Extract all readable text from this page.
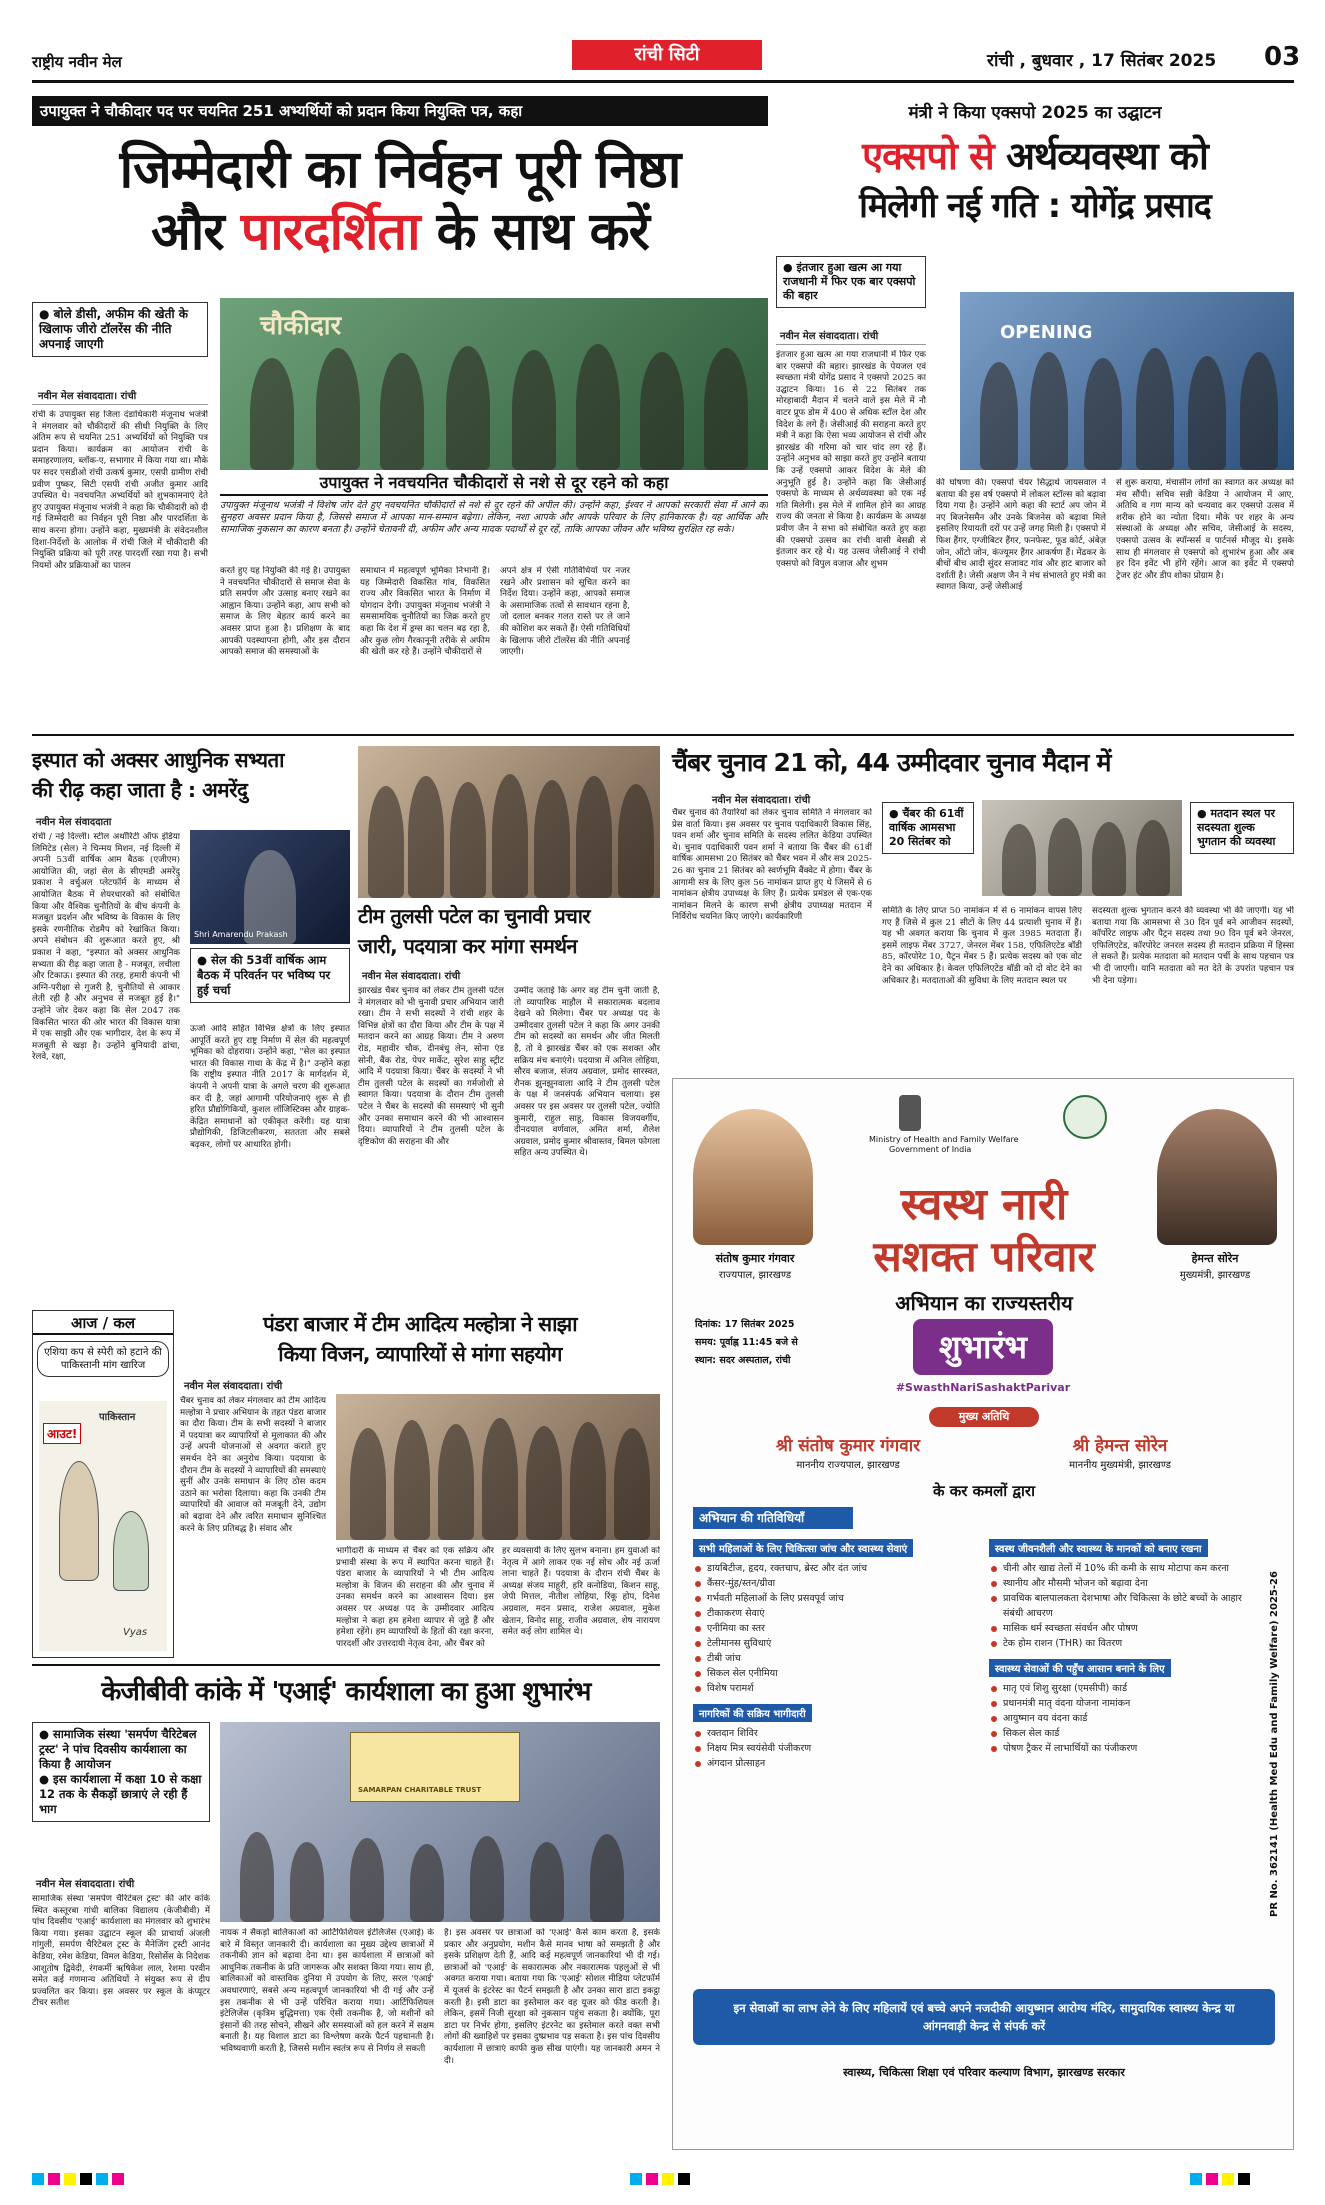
राष्ट्रीय नवीन मेल	रांची सिटी	रांची , बुधवार , 17 सितंबर 2025 03
उपायुक्त ने चौकीदार पद पर चयनित 251 अभ्यर्थियों को प्रदान किया नियुक्ति पत्र, कहा
जिम्मेदारी का निर्वहन पूरी निष्ठा
और पारदर्शिता के साथ करें
● बोले डीसी, अफीम की खेती के खिलाफ जीरो टॉलरेंस की नीति अपनाई जाएगी
नवीन मेल संवाददाता। रांची
रांची के उपायुक्त सह जिला दंडाधिकारी मंजूनाथ भजंत्री ने मंगलवार को चौकीदारों की सीधी नियुक्ति के लिए अंतिम रूप से चयनित 251 अभ्यर्थियों को नियुक्ति पत्र प्रदान किया। कार्यक्रम का आयोजन रांची के समाहरणालय, ब्लॉक-ए, सभागार में किया गया था। मौके पर सदर एसडीओ रांची उत्कर्ष कुमार, एसपी ग्रामीण रांची प्रवीण पुष्कर, सिटी एसपी रांची अजीत कुमार आदि उपस्थित थे। नवचयनित अभ्यर्थियों को शुभकामनाएं देते हुए उपायुक्त मंजूनाथ भजंत्री ने कहा कि चौकीदारी को दी गई जिम्मेदारी का निर्वहन पूरी निष्ठा और पारदर्शिता के साथ करना होगा। उन्होंने कहा, मुख्यमंत्री के संवेदनशील दिशा-निर्देशों के आलोक में रांची जिले में चौकीदारी की नियुक्ति प्रक्रिया को पूरी तरह पारदर्शी रखा गया है। सभी नियमों और प्रक्रियाओं का पालन
चौकीदार
उपायुक्त ने नवचयनित चौकीदारों से नशे से दूर रहने को कहा
उपायुक्त मंजूनाथ भजंत्री ने विशेष जोर देते हुए नवचयनित चौकीदारों से नशे से दूर रहने की अपील की। उन्होंने कहा, ईश्वर ने आपको सरकारी सेवा में आने का सुनहरा अवसर प्रदान किया है, जिससे समाज में आपका मान-सम्मान बढ़ेगा। लेकिन, नशा आपके और आपके परिवार के लिए हानिकारक है। यह आर्थिक और सामाजिक नुकसान का कारण बनता है। उन्होंने चेतावनी दी, अफीम और अन्य मादक पदार्थों से दूर रहें, ताकि आपका जीवन और भविष्य सुरक्षित रह सके।
करते हुए यह नियुक्ति की गई है। उपायुक्त ने नवचयनित चौकीदारों से समाज सेवा के प्रति समर्पण और उत्साह बनाए रखने का आह्वान किया। उन्होंने कहा, आप सभी को समाज के लिए बेहतर कार्य करने का अवसर प्राप्त हुआ है। प्रशिक्षण के बाद आपकी पदस्थापना होगी, और इस दौरान आपको समाज की समस्याओं के
समाधान में महत्वपूर्ण भूमिका निभानी है। यह जिम्मेदारी विकसित गांव, विकसित राज्य और विकसित भारत के निर्माण में योगदान देगी। उपायुक्त मंजूनाथ भजंत्री ने समसामयिक चुनौतियों का जिक्र करते हुए कहा कि देश में ड्रग्स का चलन बढ़ रहा है, और कुछ लोग गैरकानूनी तरीके से अफीम की खेती कर रहे हैं। उन्होंने चौकीदारों से
अपने क्षेत्र में ऐसी गतिविधियों पर नजर रखने और प्रशासन को सूचित करने का निर्देश दिया। उन्होंने कहा, आपको समाज के असामाजिक तत्वों से सावधान रहना है, जो दलाल बनकर गलत रास्ते पर ले जाने की कोशिश कर सकते हैं। ऐसी गतिविधियों के खिलाफ जीरो टॉलरेंस की नीति अपनाई जाएगी।
मंत्री ने किया एक्सपो 2025 का उद्घाटन
एक्सपो से अर्थव्यवस्था को
मिलेगी नई गति : योगेंद्र प्रसाद
● इंतजार हुआ खत्म आ गया राजधानी में फिर एक बार एक्सपो की बहार
नवीन मेल संवाददाता। रांची	OPENING
इंतजार हुआ खत्म आ गया राजधानी में फिर एक बार एक्सपो की बहार। झारखंड के पेयजल एवं स्वच्छता मंत्री योगेंद्र प्रसाद ने एक्सपो 2025 का उद्घाटन किया। 16 से 22 सितंबर तक मोरहाबादी मैदान में चलने वाले इस मेले में नौ वाटर प्रूफ डोम में 400 से अधिक स्टॉल देश और विदेश के लगे हैं। जेसीआई की सराहना करते हुए मंत्री ने कहा कि ऐसा भव्य आयोजन से रांची और झारखंड की गरिमा को चार चांद लग रहे हैं। उन्होंने अनुभव को साझा करते हुए उन्होंने बताया कि उन्हें एक्सपो आकर विदेश के मेले की अनुभूति हुई है। उन्होंने कहा कि जेसीआई एक्सपो के माध्यम से अर्थव्यवस्था को एक नई गति मिलेगी। इस मेले में शामिल होने का आग्रह राज्य की जनता से किया है। कार्यक्रम के अध्यक्ष प्रवीण जैन ने सभा को संबोधित करते हुए कहा की एक्सपो उत्सव का रांची वासी बेसब्री से इंतजार कर रहे थे। यह उत्सव जेसीआई ने रांची एक्सपो को विपुल वजाज और शुभम
की घोषणा की। एक्सपो चेयर सिद्धार्थ जायसवाल ने बताया की इस वर्ष एक्सपो में लोकल स्टॉल्स को बढ़ावा दिया गया है। उन्होंने आगे कहा की स्टार्ट अप जोन में नए बिजनेसमैन और उनके बिजनेस को बढ़ावा मिले इसलिए रियायती दरों पर उन्हें जगह मिली है। एक्सपो में फिश हैंगर, एग्जीबिटर हैंगर, फनफेस्ट, फूड कोर्ट, अंबेज़ जोन, ऑटो जोन, कंज्यूमर हैंगर आकर्षण हैं। मेंढकर के बीचों बीच आदी सुंदर सजावट गांव और हाट बाजार को दर्शाती है। जेसी अक्षण जैन ने मंच संभालते हुए मंत्री का स्वागत किया, उन्हें जेसीआई
से शुरू कराया, मंचासीन लोगों का स्वागत कर अध्यक्ष को मंच सौंपी। सचिव सन्नी केडिया ने आयोजन में आए, अतिथि व गण मान्य को धन्यवाद कर एक्सपो उत्सव में शरीक होने का न्योता दिया। मौके पर शहर के अन्य संस्थाओं के अध्यक्ष और सचिव, जेसीआई के सदस्य, एक्सपो उत्सव के स्पॉन्सर्स व पार्टनर्स मौजूद थे। इसके साथ ही मंगलवार से एक्सपो को शुभारंभ हुआ और अब हर दिन इवेंट भी होंगे रहेंगे। आज का इवेंट में एक्सपो ट्रेजर हंट और डीप शोका प्रोग्राम है।
इस्पात को अक्सर आधुनिक सभ्यता
की रीढ़ कहा जाता है : अमरेंदु
नवीन मेल संवाददाता
रांची / नई दिल्ली। स्टील अथॉरिटी ऑफ इंडिया लिमिटेड (सेल) ने चिन्मय मिशन, नई दिल्ली में अपनी 53वीं वार्षिक आम बैठक (एजीएम) आयोजित की, जहां सेल के सीएमडी अमरेंदु प्रकाश ने वर्चुअल प्लेटफॉर्म के माध्यम से आयोजित बैठक में शेयरधारकों को संबोधित किया और वैश्विक चुनौतियों के बीच कंपनी के मजबूत प्रदर्शन और भविष्य के विकास के लिए इसके रणनीतिक रोडमैप को रेखांकित किया। अपने संबोधन की शुरूआत करते हुए, श्री प्रकाश ने कहा, "इस्पात को अक्सर आधुनिक सभ्यता की रीढ़ कहा जाता है - मजबूत, लचीला और टिकाऊ। इस्पात की तरह, हमारी कंपनी भी अग्नि-परीक्षा से गुजरी है, चुनौतियों से आकार लेती रही है और अनुभव से मजबूत हुई है।" उन्होंने जोर देकर कहा कि सेल 2047 तक विकसित भारत की ओर भारत की विकास यात्रा में एक साझी और एक भागीदार, देश के रूप में मजबूती से खड़ा है। उन्होंने बुनियादी ढांचा, रेलवे, रक्षा,
Shri Amarendu Prakash
● सेल की 53वीं वार्षिक आम बैठक में परिवर्तन पर भविष्य पर हुई चर्चा
ऊर्जा आदि सहित विभिन्न क्षेत्रों के लिए इस्पात आपूर्ति करते हुए राष्ट्र निर्माण में सेल की महत्वपूर्ण भूमिका को दोहराया। उन्होंने कहा, "सेल का इस्पात भारत की विकास गाथा के केंद्र में है।" उन्होंने कहा कि राष्ट्रीय इस्पात नीति 2017 के मार्गदर्शन में, कंपनी ने अपनी यात्रा के अगले चरण की शुरूआत कर दी है, जहां आगामी परियोजनाएं शुरू से ही हरित प्रौद्योगिकियों, कुशल लॉजिस्टिक्स और ग्राहक-केंद्रित समाधानों को एकीकृत करेंगी। यह यात्रा प्रौद्योगिकी, डिजिटलीकरण, सततता और सबसे बढ़कर, लोगों पर आधारित होगी।
टीम तुलसी पटेल का चुनावी प्रचार
जारी, पदयात्रा कर मांगा समर्थन
नवीन मेल संवाददाता। रांची
झारखंड चैंबर चुनाव को लेकर टीम तुलसी पटेल ने मंगलवार को भी चुनावी प्रचार अभियान जारी रखा। टीम ने सभी सदस्यों ने रांची शहर के विभिन्न क्षेत्रों का दौरा किया और टीम के पक्ष में मतदान करने का आग्रह किया। टीम ने अरुण रोड, महावीर चौक, दीनबंधु लेन, सोना एंड सोनी, बैंक रोड, पेपर मार्केट, सुरेश साहू स्ट्रीट आदि में पदयात्रा किया। चैंबर के सदस्यों ने भी टीम तुलसी पटेल के सदस्यों का गर्मजोशी से स्वागत किया। पदयात्रा के दौरान टीम तुलसी पटेल ने चैंबर के सदस्यों की समस्याएं भी सुनी और उनका समाधान करने की भी आश्वासन दिया। व्यापारियों ने टीम तुलसी पटेल के दृष्टिकोण की सराहना की और
उम्मीद जताई कि अगर वह टीम चुनी जाती है, तो व्यापारिक माहौल में सकारात्मक बदलाव देखने को मिलेगा। चैंबर पर अध्यक्ष पद के उम्मीदवार तुलसी पटेल ने कहा कि अगर उनकी टीम को सदस्यों का समर्थन और जीत मिलती है, तो वे झारखंड चैंबर को एक सशक्त और सक्रिय मंच बनाएंगे। पदयात्रा में अनिल लोहिया, सौरव बजाज, संजय अग्रवाल, प्रमोद सारस्वत, रौनक झुनझुनवाला आदि ने टीम तुलसी पटेल के पक्ष में जनसंपर्क अभियान चलाया। इस अवसर पर इस अवसर पर तुलसी पटेल, ज्योति कुमारी, राहुल साहू, विकास विजयवर्गीय, दीनदयाल वर्णवाल, अमित शर्मा, शैलेश अग्रवाल, प्रमोद कुमार श्रीवास्तव, बिमल फोगला सहित अन्य उपस्थित थे।
चैंबर चुनाव 21 को, 44 उम्मीदवार चुनाव मैदान में
नवीन मेल संवाददाता। रांची
चैंबर चुनाव की तैयारियों को लेकर चुनाव समिति ने मंगलवार को प्रेस वार्ता किया। इस अवसर पर चुनाव पदाधिकारी विकास सिंह, पवन शर्मा और चुनाव समिति के सदस्य ललित केडिया उपस्थित थे। चुनाव पदाधिकारी पवन शर्मा ने बताया कि चैंबर की 61वीं वार्षिक आमसभा 20 सितंबर को चैंबर भवन में और सत्र 2025-26 का चुनाव 21 सितंबर को स्वर्णभूमि बैंक्वेट में होगा। चैंबर के आगामी सत्र के लिए कुल 56 नामांकन प्राप्त हुए थे जिसमें से 6 नामांकन क्षेत्रीय उपाध्यक्ष के लिए हैं। प्रत्येक प्रमंडल से एक-एक नामांकन मिलने के कारण सभी क्षेत्रीय उपाध्यक्ष मतदान में निर्विरोध चयनित किए जाएंगे। कार्यकारिणी
● चैंबर की 61वीं वार्षिक आमसभा 20 सितंबर को
● मतदान स्थल पर सदस्यता शुल्क भुगतान की व्यवस्था
समिति के लिए प्राप्त 50 नामांकन में से 6 नामांकन वापस लिए गए हैं जिसे में कुल 21 सीटों के लिए 44 प्रत्याशी चुनाव में हैं। यह भी अवगत कराया कि चुनाव में कुल 3985 मतदाता हैं। इसमें लाइफ मेंबर 3727, जेनरल मेंबर 158, एफिलिएटेड बॉडी 85, कॉरपोरेट 10, पैट्रन मेंबर 5 हैं। प्रत्येक सदस्य को एक वोट देने का अधिकार है। केवल एफिलिएटेड बॉडी को दो वोट देने का अधिकार है। मतदाताओं की सुविधा के लिए मतदान स्थल पर
सदस्यता शुल्क भुगतान करने की व्यवस्था भी की जाएगी। यह भी बताया गया कि आमसभा से 30 दिन पूर्व बने आजीवन सदस्यों, कॉर्पोरेट लाइफ और पैट्रन सदस्य तथा 90 दिन पूर्व बने जेनरल, एफिलिएटेड, कॉरपोरेट जनरल सदस्य ही मतदान प्रक्रिया में हिस्सा ले सकते हैं। प्रत्येक मतदाता को मतदान पर्ची के साथ पहचान पत्र भी दी जाएगी। यानि मतदाता को मत देते के उपरांत पहचान पत्र भी देना पड़ेगा।
आज / कल
एशिया कप से स्पेरी को हटाने की पाकिस्तानी मांग खारिज
आउट!
पाकिस्तान
Vyas
पंडरा बाजार में टीम आदित्य मल्होत्रा ने साझा
किया विजन, व्यापारियों से मांगा सहयोग
नवीन मेल संवाददाता। रांची
चैंबर चुनाव को लेकर मंगलवार को टीम आदित्य मल्होत्रा ने प्रचार अभियान के तहत पंडरा बाजार का दौरा किया। टीम के सभी सदस्यों ने बाजार में पदयात्रा कर व्यापारियों से मुलाकात की और उन्हें अपनी योजनाओं से अवगत कराते हुए समर्थन देने का अनुरोध किया। पदयात्रा के दौरान टीम के सदस्यों ने व्यापारियों की समस्याएं सुनीं और उनके समाधान के लिए ठोस कदम उठाने का भरोसा दिलाया। कहा कि उनकी टीम व्यापारियों की आवाज को मजबूती देने, उद्योग को बढ़ावा देने और त्वरित समाधान सुनिश्चित करने के लिए प्रतिबद्ध है। संवाद और
भागीदारी के माध्यम से चैंबर को एक सक्रिय और प्रभावी संस्था के रूप में स्थापित करना चाहते हैं। पंडरा बाजार के व्यापारियों ने भी टीम आदित्य मल्होत्रा के विजन की सराहना की और चुनाव में उनका समर्थन करने का आश्वासन दिया। इस अवसर पर अध्यक्ष पद के उम्मीदवार आदित्य मल्होत्रा ने कहा हम हमेशा व्यापार से जुड़े हैं और हमेशा रहेंगे। हम व्यापारियों के हितों की रक्षा करना, पारदर्शी और उत्तरदायी नेतृत्व देना, और चैंबर को
हर व्यवसायी के लिए सुलभ बनाना। हम युवाओं को नेतृत्व में आगे लाकर एक नई सोच और नई ऊर्जा लाना चाहते हैं। पदयात्रा के दौरान रांची चैंबर के अध्यक्ष संजय माहुरी, हरि कनोडिया, किशन साहू, जेपी मित्तल, नीतीश लोहिया, रिंकू होप, दिनेश अग्रवाल, मदन प्रसाद, राजेश अग्रवाल, मुकेश खेतान, विनोद साहू, राजीव अग्रवाल, शेष नारायण समेत कई लोग शामिल थे।
केजीबीवी कांके में 'एआई' कार्यशाला का हुआ शुभारंभ
● सामाजिक संस्था 'समर्पण चैरिटेबल ट्रस्ट' ने पांच दिवसीय कार्यशाला का किया है आयोजन
● इस कार्यशाला में कक्षा 10 से कक्षा 12 तक के सैकड़ों छात्राएं ले रही हैं भाग
नवीन मेल संवाददाता। रांची
सामाजिक संस्था 'समर्पण चैरिटेबल ट्रस्ट' की ओर कांके स्थित कस्तूरबा गांधी बालिका विद्यालय (केजीबीवी) में पांच दिवसीय 'एआई' कार्यशाला का मंगलवार को शुभारंभ किया गया। इसका उद्घाटन स्कूल की प्राचार्या अंजली गांगुली, समर्पण चैरिटेबल ट्रस्ट के मैनेजिंग ट्रस्टी आनंद केडिया, रमेश केडिया, विमल केडिया, रिसोर्सेस के निदेशक आशुतोष द्विवेदी, रंगकर्मी ऋषिकेश लाल, रेशमा परवीन समेत कई गणमान्य अतिथियों ने संयुक्त रूप से दीप प्रज्वलित कर किया। इस अवसर पर स्कूल के कंप्यूटर टीचर सतीश
SAMARPAN CHARITABLE TRUST
नायक ने सैकड़ों बालिकाओं को आर्टिफिशियल इंटेलिजेंस (एआई) के बारे में विस्तृत जानकारी दी। कार्यशाला का मुख्य उद्देश्य छात्राओं में तकनीकी ज्ञान को बढ़ावा देना था। इस कार्यशाला में छात्राओं को आधुनिक तकनीक के प्रति जागरूक और सशक्त किया गया। साथ ही, बालिकाओं को वास्तविक दुनिया में उपयोग के लिए, सरल 'एआई' अवधारणाएं, सबसे अन्य महत्वपूर्ण जानकारियां भी दी गई और उन्हें इस तकनीक से भी उन्हें परिचित कराया गया। आर्टिफिशियल इंटेलिजेंस (कृत्रिम बुद्धिमत्ता) एक ऐसी तकनीक है, जो मशीनों को इंसानों की तरह सोचने, सीखने और समस्याओं को हल करने में सक्षम बनाती है। यह विशाल डाटा का विश्लेषण करके पैटर्न पहचानती है। भविष्यवाणी करती है, जिससे मशीन स्वतंत्र रूप से निर्णय ले सकती
है। इस अवसर पर छात्राओं को 'एआई' कैसे काम करता है, इसके प्रकार और अनुप्रयोग, मशीन कैसे मानव भाषा को समझती है और इसके प्रशिक्षण देती हैं, आदि कई महत्वपूर्ण जानकारियां भी दी गई। छात्राओं को 'एआई' के सकारात्मक और नकारात्मक पहलुओं से भी अवगत कराया गया। बताया गया कि 'एआई' सोशल मीडिया प्लेटफॉर्म में यूजर्स के इंटरेस्ट का पैटर्न समझती है और उनका सारा डाटा इकट्ठा करती है। इसी डाटा का इस्तेमाल कर वह यूजर को फीड करती है। लेकिन, इसमें निजी सुरक्षा को नुकसान पहुंच सकता है। क्योंकि, पूरा डाटा पर निर्भर होगा, इसलिए इंटरनेट का इस्तेमाल करते वक्त सभी लोगों की ख्वाहिशें पर इसका दुष्प्रभाव पड़ सकता है। इस पांच दिवसीय कार्यशाला में छात्राएं काफी कुछ सीख पाएंगी। यह जानकारी अमन ने दी।
Ministry of Health and Family Welfare
Government of India
संतोष कुमार गंगवार
राज्यपाल, झारखण्ड
हेमन्त सोरेन
मुख्यमंत्री, झारखण्ड
स्वस्थ नारी
सशक्त परिवार
अभियान का राज्यस्तरीय
शुभारंभ
#SwasthNariSashaktParivar
दिनांक: 17 सितंबर 2025
समय: पूर्वाह्न 11:45 बजे से
स्थान: सदर अस्पताल, रांची
मुख्य अतिथि
श्री संतोष कुमार गंगवार
माननीय राज्यपाल, झारखण्ड
श्री हेमन्त सोरेन
माननीय मुख्यमंत्री, झारखण्ड
के कर कमलों द्वारा
अभियान की गतिविधियाँ
सभी महिलाओं के लिए चिकित्सा जांच और स्वास्थ्य सेवाएं
डायबिटीज, हृदय, रक्तचाप, ब्रेस्ट और दंत जांच
कैंसर-मुंह/स्तन/ग्रीवा
गर्भवती महिलाओं के लिए प्रसवपूर्व जांच
टीकाकरण सेवाएं
एनीमिया का स्तर
टेलीमानस सुविधाएं
टीबी जांच
सिकल सेल एनीमिया
विशेष परामर्श
नागरिकों की सक्रिय भागीदारी
रक्तदान शिविर
निक्षय मित्र स्वयंसेवी पंजीकरण
अंगदान प्रोत्साहन
स्वस्थ जीवनशैली और स्वास्थ्य के मानकों को बनाए रखना
चीनी और खाद्य तेलों में 10% की कमी के साथ मोटापा कम करना
स्थानीय और मौसमी भोजन को बढ़ावा देना
प्रावधिक बालपालकता देशभाषा और चिकित्सा के छोटे बच्चों के आहार संबंधी आचरण
मासिक धर्म स्वच्छता संवर्धन और पोषण
टेक होम राशन (THR) का वितरण
स्वास्थ्य सेवाओं की पहुँच आसान बनाने के लिए
मातृ एवं शिशु सुरक्षा (एमसीपी) कार्ड
प्रधानमंत्री मातृ वंदना योजना नामांकन
आयुष्मान वय वंदना कार्ड
सिकल सेल कार्ड
पोषण ट्रैकर में लाभार्थियों का पंजीकरण	PR No. 362141 (Health Med Edu and Family Welfare) 2025-26
इन सेवाओं का लाभ लेने के लिए महिलायें एवं बच्चे अपने नजदीकी आयुष्मान आरोग्य मंदिर, सामुदायिक स्वास्थ्य केन्द्र या आंगनवाड़ी केन्द्र से संपर्क करें
स्वास्थ्य, चिकित्सा शिक्षा एवं परिवार कल्याण विभाग, झारखण्ड सरकार
